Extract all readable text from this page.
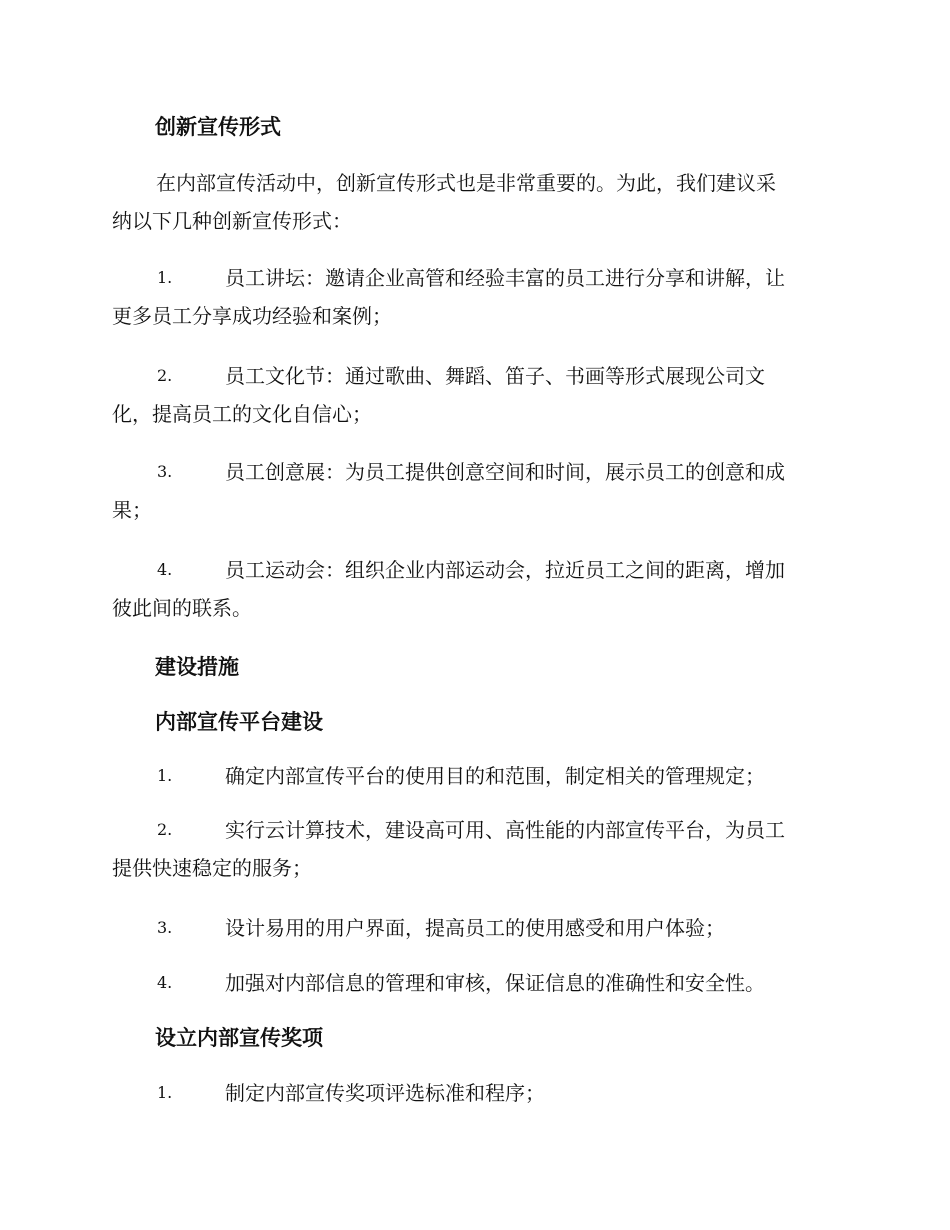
创新宣传形式

在内部宣传活动中，创新宣传形式也是非常重要的。为此，我们建议采
纳以下几种创新宣传形式：

1.	员工讲坛：邀请企业高管和经验丰富的员工进行分享和讲解，让
更多员工分享成功经验和案例；
2.	员工文化节：通过歌曲、舞蹈、笛子、书画等形式展现公司文
化，提高员工的文化自信心；
3.	员工创意展：为员工提供创意空间和时间，展示员工的创意和成
果；
4.	员工运动会：组织企业内部运动会，拉近员工之间的距离，增加
彼此间的联系。
建设措施
内部宣传平台建设
1.	确定内部宣传平台的使用目的和范围，制定相关的管理规定；
2.	实行云计算技术，建设高可用、高性能的内部宣传平台，为员工
提供快速稳定的服务；
3.	设计易用的用户界面，提高员工的使用感受和用户体验；
4.	加强对内部信息的管理和审核，保证信息的准确性和安全性。
设立内部宣传奖项
1.	制定内部宣传奖项评选标准和程序；
